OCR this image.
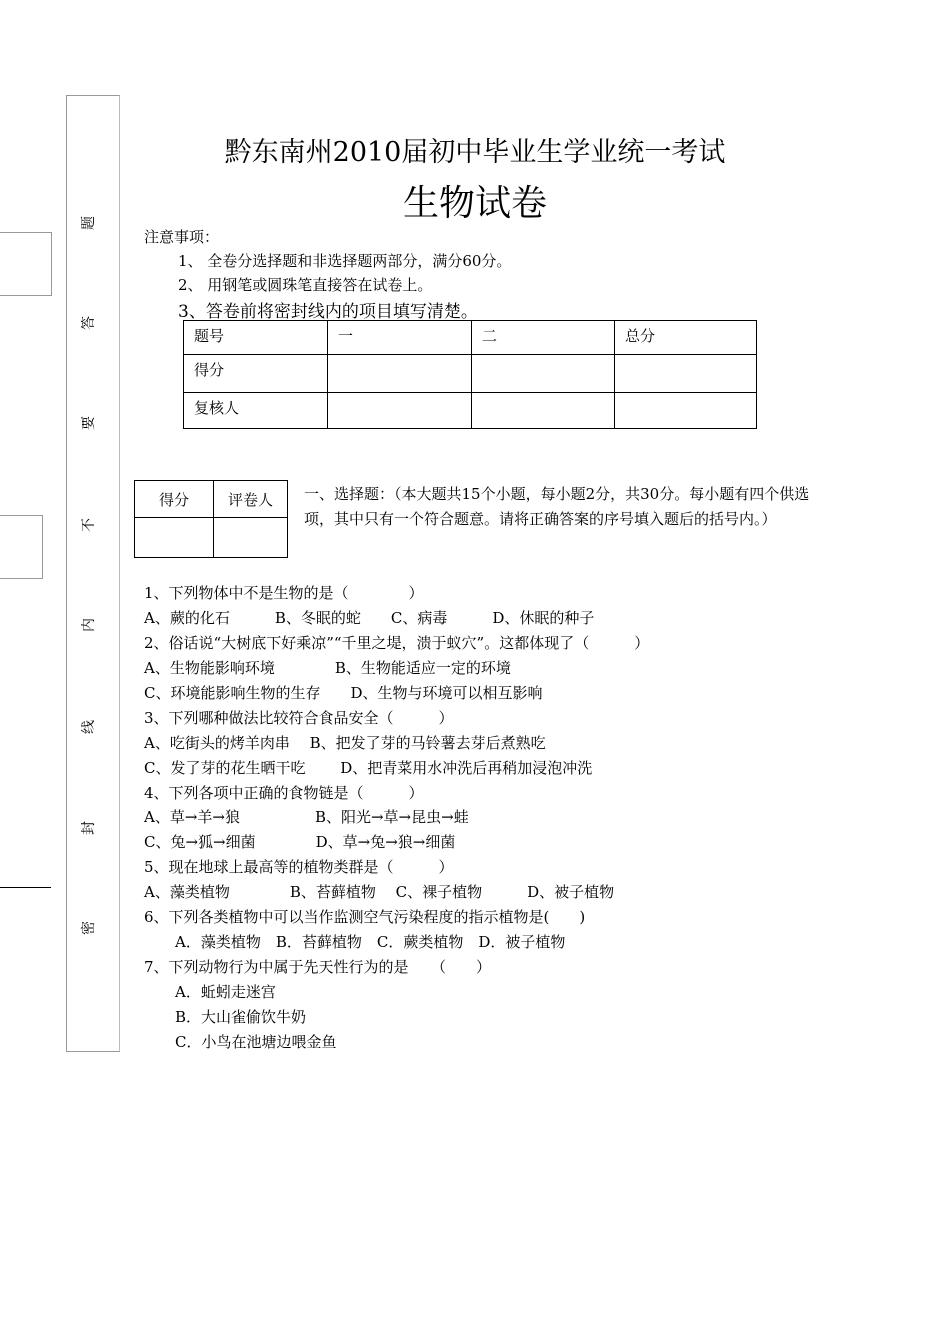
题
答
要
不
内
线
封
密
黔东南州2010届初中毕业生学业统一考试
生物试卷
注意事项：
1、 全卷分选择题和非选择题两部分，满分60分。
2、 用钢笔或圆珠笔直接答在试卷上。
3、答卷前将密封线内的项目填写清楚。
题号	一	二	总分
得分			
复核人			
得分	评卷人
	一、选择题：（本大题共15个小题，每小题2分，共30分。每小题有四个供选项，其中只有一个符合题意。请将正确答案的序号填入题后的括号内。）
1、下列物体中不是生物的是（　　　　）
A、蕨的化石　　　B、冬眠的蛇　　C、病毒　　　D、休眠的种子
2、俗话说“大树底下好乘凉”“千里之堤，溃于蚁穴”。这都体现了（　　　）
A、生物能影响环境　　　　B、生物能适应一定的环境
C、环境能影响生物的生存　　D、生物与环境可以相互影响
3、下列哪种做法比较符合食品安全（　　　）
A、吃街头的烤羊肉串　 B、把发了芽的马铃薯去芽后煮熟吃
C、发了芽的花生晒干吃　　 D、把青菜用水冲洗后再稍加浸泡冲洗
4、下列各项中正确的食物链是（　　　）
A、草→羊→狼　　　　　B、阳光→草→昆虫→蛙
C、兔→狐→细菌　　　　D、草→兔→狼→细菌
5、现在地球上最高等的植物类群是（　　　）
A、藻类植物　　　　B、苔藓植物　 C、裸子植物　　　D、被子植物
6、下列各类植物中可以当作监测空气污染程度的指示植物是(　　)
A．藻类植物　B．苔藓植物　C．蕨类植物　D．被子植物
7、下列动物行为中属于先天性行为的是　　（　　）
A．蚯蚓走迷宫
B．大山雀偷饮牛奶
C．小鸟在池塘边喂金鱼
